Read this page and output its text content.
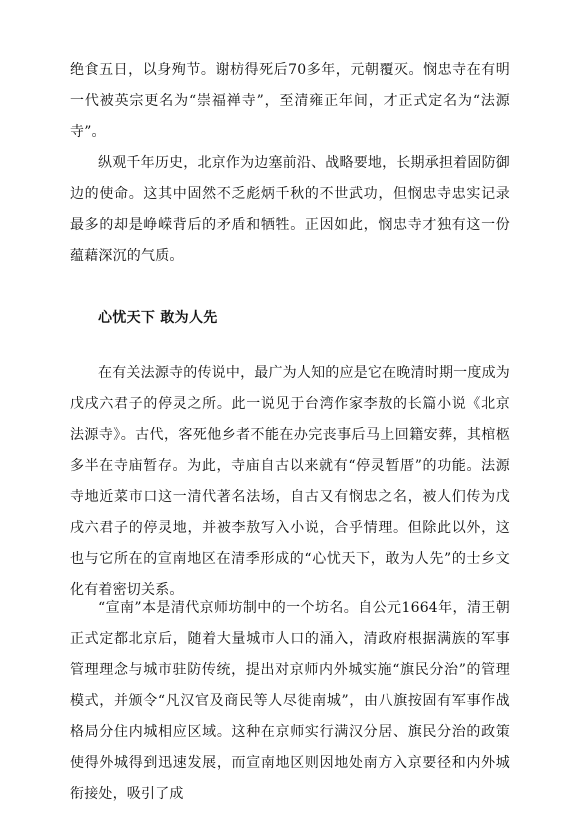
绝食五日，以身殉节。谢枋得死后70多年，元朝覆灭。悯忠寺在有明一代被英宗更名为“崇福禅寺”，至清雍正年间，才正式定名为“法源寺”。

纵观千年历史，北京作为边塞前沿、战略要地，长期承担着固防御边的使命。这其中固然不乏彪炳千秋的不世武功，但悯忠寺忠实记录最多的却是峥嵘背后的矛盾和牺牲。正因如此，悯忠寺才独有这一份蕴藉深沉的气质。

心忧天下 敢为人先

在有关法源寺的传说中，最广为人知的应是它在晚清时期一度成为戊戌六君子的停灵之所。此一说见于台湾作家李敖的长篇小说《北京法源寺》。古代，客死他乡者不能在办完丧事后马上回籍安葬，其棺柩多半在寺庙暂存。为此，寺庙自古以来就有“停灵暂厝”的功能。法源寺地近菜市口这一清代著名法场，自古又有悯忠之名，被人们传为戊戌六君子的停灵地，并被李敖写入小说，合乎情理。但除此以外，这也与它所在的宣南地区在清季形成的“心忧天下，敢为人先”的士乡文化有着密切关系。

“宣南”本是清代京师坊制中的一个坊名。自公元1664年，清王朝正式定都北京后，随着大量城市人口的涌入，清政府根据满族的军事管理理念与城市驻防传统，提出对京师内外城实施“旗民分治”的管理模式，并颁令“凡汉官及商民等人尽徙南城”，由八旗按固有军事作战格局分住内城相应区域。这种在京师实行满汉分居、旗民分治的政策使得外城得到迅速发展，而宣南地区则因地处南方入京要径和内外城衔接处，吸引了成
